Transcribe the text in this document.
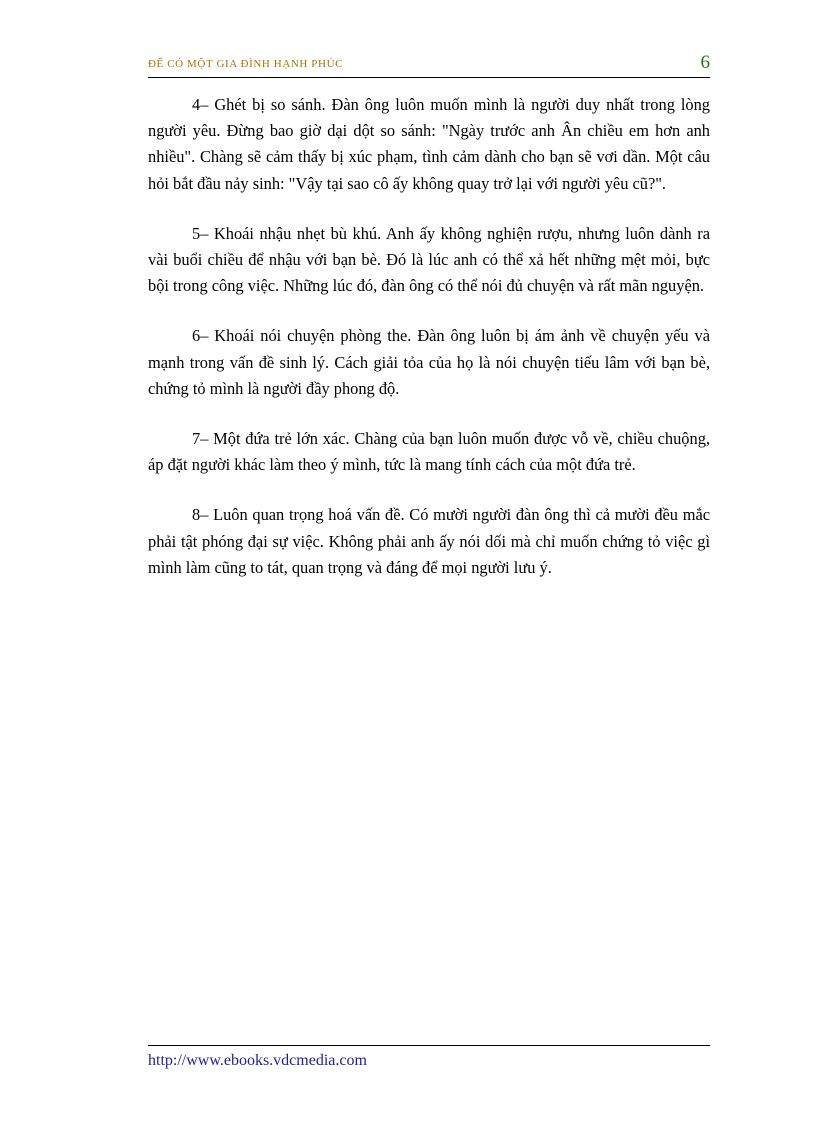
ĐỂ CÓ MỘT GIA ĐÌNH HẠNH PHÚC	6

4– Ghét bị so sánh. Đàn ông luôn muốn mình là người duy nhất trong lòng người yêu. Đừng bao giờ dại dột so sánh: "Ngày trước anh Ân chiều em hơn anh nhiều". Chàng sẽ cảm thấy bị xúc phạm, tình cảm dành cho bạn sẽ vơi dần. Một câu hỏi bắt đầu nảy sinh: "Vậy tại sao cô ấy không quay trở lại với người yêu cũ?".

5– Khoái nhậu nhẹt bù khú. Anh ấy không nghiện rượu, nhưng luôn dành ra vài buổi chiều để nhậu với bạn bè. Đó là lúc anh có thể xả hết những mệt mỏi, bực bội trong công việc. Những lúc đó, đàn ông có thể nói đủ chuyện và rất mãn nguyện.

6– Khoái nói chuyện phòng the. Đàn ông luôn bị ám ảnh về chuyện yếu và mạnh trong vấn đề sinh lý. Cách giải tỏa của họ là nói chuyện tiếu lâm với bạn bè, chứng tỏ mình là người đầy phong độ.

7– Một đứa trẻ lớn xác. Chàng của bạn luôn muốn được vỗ về, chiều chuộng, áp đặt người khác làm theo ý mình, tức là mang tính cách của một đứa trẻ.

8– Luôn quan trọng hoá vấn đề. Có mười người đàn ông thì cả mười đều mắc phải tật phóng đại sự việc. Không phải anh ấy nói dối mà chỉ muốn chứng tỏ việc gì mình làm cũng to tát, quan trọng và đáng để mọi người lưu ý.

http://www.ebooks.vdcmedia.com
